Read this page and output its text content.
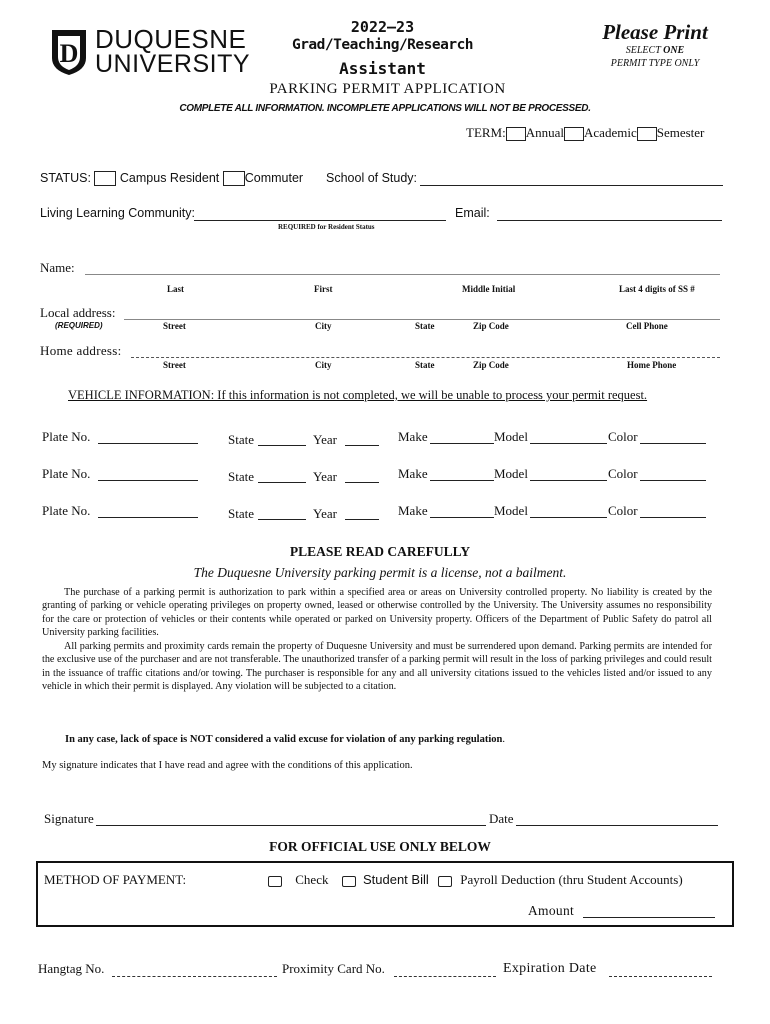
D DUQUESNE
UNIVERSITY
2022–23
Grad/Teaching/Research
Assistant
PARKING PERMIT APPLICATION
Please Print
SELECT ONE
PERMIT TYPE ONLY
COMPLETE ALL INFORMATION. INCOMPLETE APPLICATIONS WILL NOT BE PROCESSED.
TERM: Annual Academic Semester
STATUS: Campus Resident Commuter School of Study:
Living Learning Community:	Email:
REQUIRED for Resident Status
Name:
Last	First	Middle Initial	Last 4 digits of SS #
Local address:
(REQUIRED)	Street	City	State	Zip Code	Cell Phone
Home address:
Street	City	State	Zip Code	Home Phone
VEHICLE INFORMATION: If this information is not completed, we will be unable to process your permit request.
Plate No.	State	Year	Make	Model	Color
Plate No.	State	Year	Make	Model	Color
Plate No.	State	Year	Make	Model	Color
PLEASE READ CAREFULLY
The Duquesne University parking permit is a license, not a bailment.
The purchase of a parking permit is authorization to park within a specified area or areas on University controlled property. No liability is created by the granting of parking or vehicle operating privileges on property owned, leased or otherwise controlled by the University. The University assumes no responsibility for the care or protection of vehicles or their contents while operated or parked on University property. Officers of the Department of Public Safety do patrol all University parking facilities.
All parking permits and proximity cards remain the property of Duquesne University and must be surrendered upon demand. Parking permits are intended for the exclusive use of the purchaser and are not transferable. The unauthorized transfer of a parking permit will result in the loss of parking privileges and could result in the issuance of traffic citations and/or towing. The purchaser is responsible for any and all university citations issued to the vehicles listed and/or issued to any vehicle in which their permit is displayed. Any violation will be subjected to a citation.
In any case, lack of space is NOT considered a valid excuse for violation of any parking regulation.
My signature indicates that I have read and agree with the conditions of this application.
Signature	Date
FOR OFFICIAL USE ONLY BELOW
METHOD OF PAYMENT:	Check	Student Bill Payroll Deduction (thru Student Accounts)
Amount
Hangtag No.	Proximity Card No.	Expiration Date
